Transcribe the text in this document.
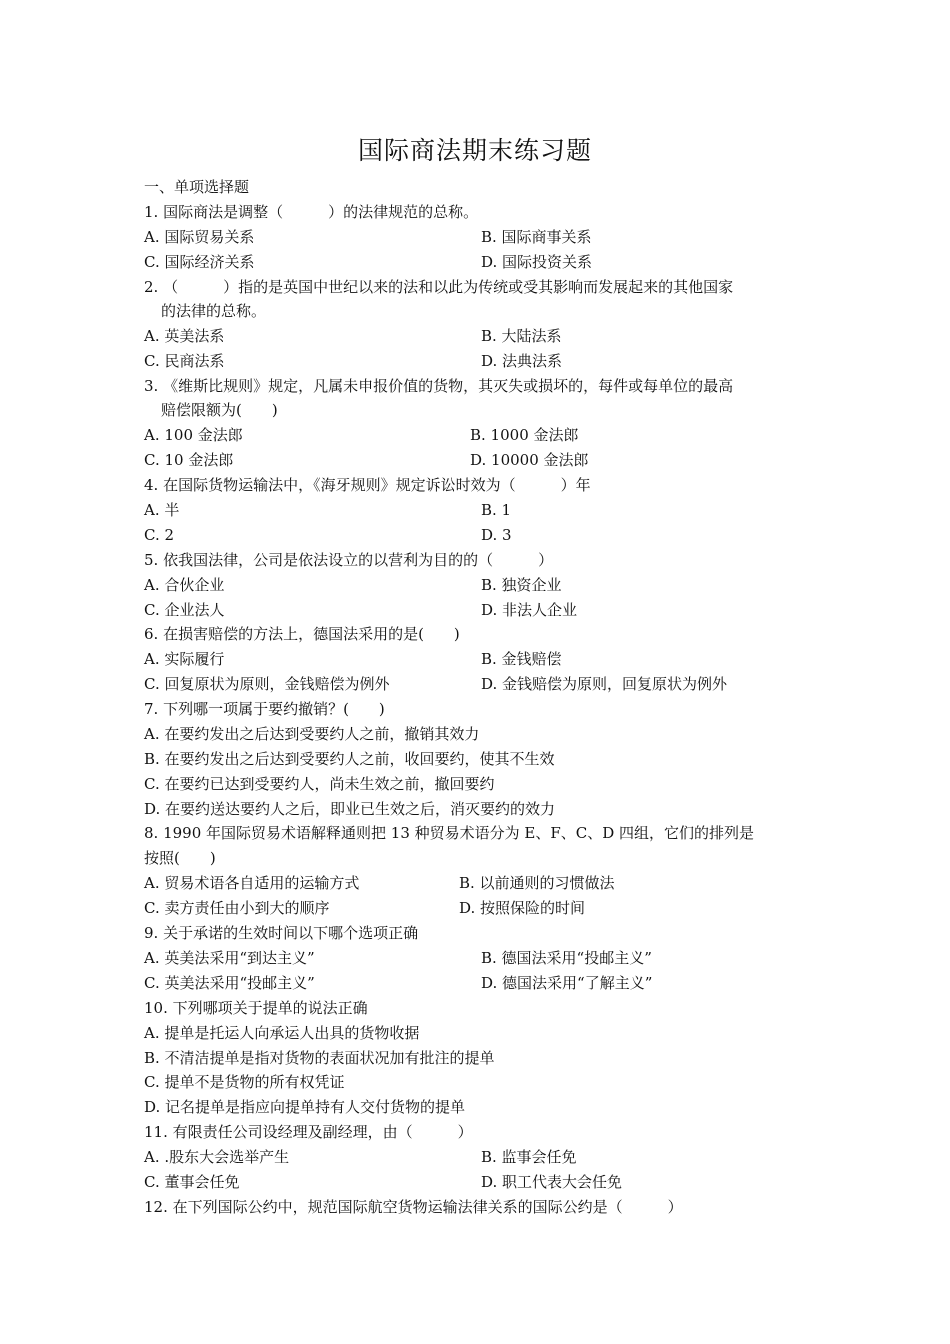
国际商法期末练习题
一、单项选择题
1. 国际商法是调整（　　　）的法律规范的总称。
A. 国际贸易关系	B. 国际商事关系
C. 国际经济关系	D. 国际投资关系
2. （　　　）指的是英国中世纪以来的法和以此为传统或受其影响而发展起来的其他国家
的法律的总称。
A. 英美法系	B. 大陆法系
C. 民商法系	D. 法典法系
3. 《维斯比规则》规定，凡属未申报价值的货物，其灭失或损坏的，每件或每单位的最高
赔偿限额为(　　)
A. 100 金法郎	B. 1000 金法郎
C. 10 金法郎	D. 10000 金法郎
4. 在国际货物运输法中，《海牙规则》规定诉讼时效为（　　　）年
A. 半	B. 1
C. 2	D. 3
5. 依我国法律，公司是依法设立的以营利为目的的（　　　）
A. 合伙企业	B. 独资企业
C. 企业法人	D. 非法人企业
6. 在损害赔偿的方法上，德国法采用的是(　　)
A. 实际履行	B. 金钱赔偿
C. 回复原状为原则，金钱赔偿为例外	D. 金钱赔偿为原则，回复原状为例外
7. 下列哪一项属于要约撤销？(　　)
A. 在要约发出之后达到受要约人之前，撤销其效力
B. 在要约发出之后达到受要约人之前，收回要约，使其不生效
C. 在要约已达到受要约人，尚未生效之前，撤回要约
D. 在要约送达要约人之后，即业已生效之后，消灭要约的效力
8. 1990 年国际贸易术语解释通则把 13 种贸易术语分为 E、F、C、D 四组，它们的排列是
按照(　　)
A. 贸易术语各自适用的运输方式	B. 以前通则的习惯做法
C. 卖方责任由小到大的顺序	D. 按照保险的时间
9. 关于承诺的生效时间以下哪个选项正确
A. 英美法采用“到达主义”	B. 德国法采用“投邮主义”
C. 英美法采用“投邮主义”	D. 德国法采用“了解主义”
10. 下列哪项关于提单的说法正确
A. 提单是托运人向承运人出具的货物收据
B. 不清洁提单是指对货物的表面状况加有批注的提单
C. 提单不是货物的所有权凭证
D. 记名提单是指应向提单持有人交付货物的提单
11. 有限责任公司设经理及副经理，由（　　　）
A. .股东大会选举产生	B. 监事会任免
C. 董事会任免	D. 职工代表大会任免
12. 在下列国际公约中，规范国际航空货物运输法律关系的国际公约是（　　　）
